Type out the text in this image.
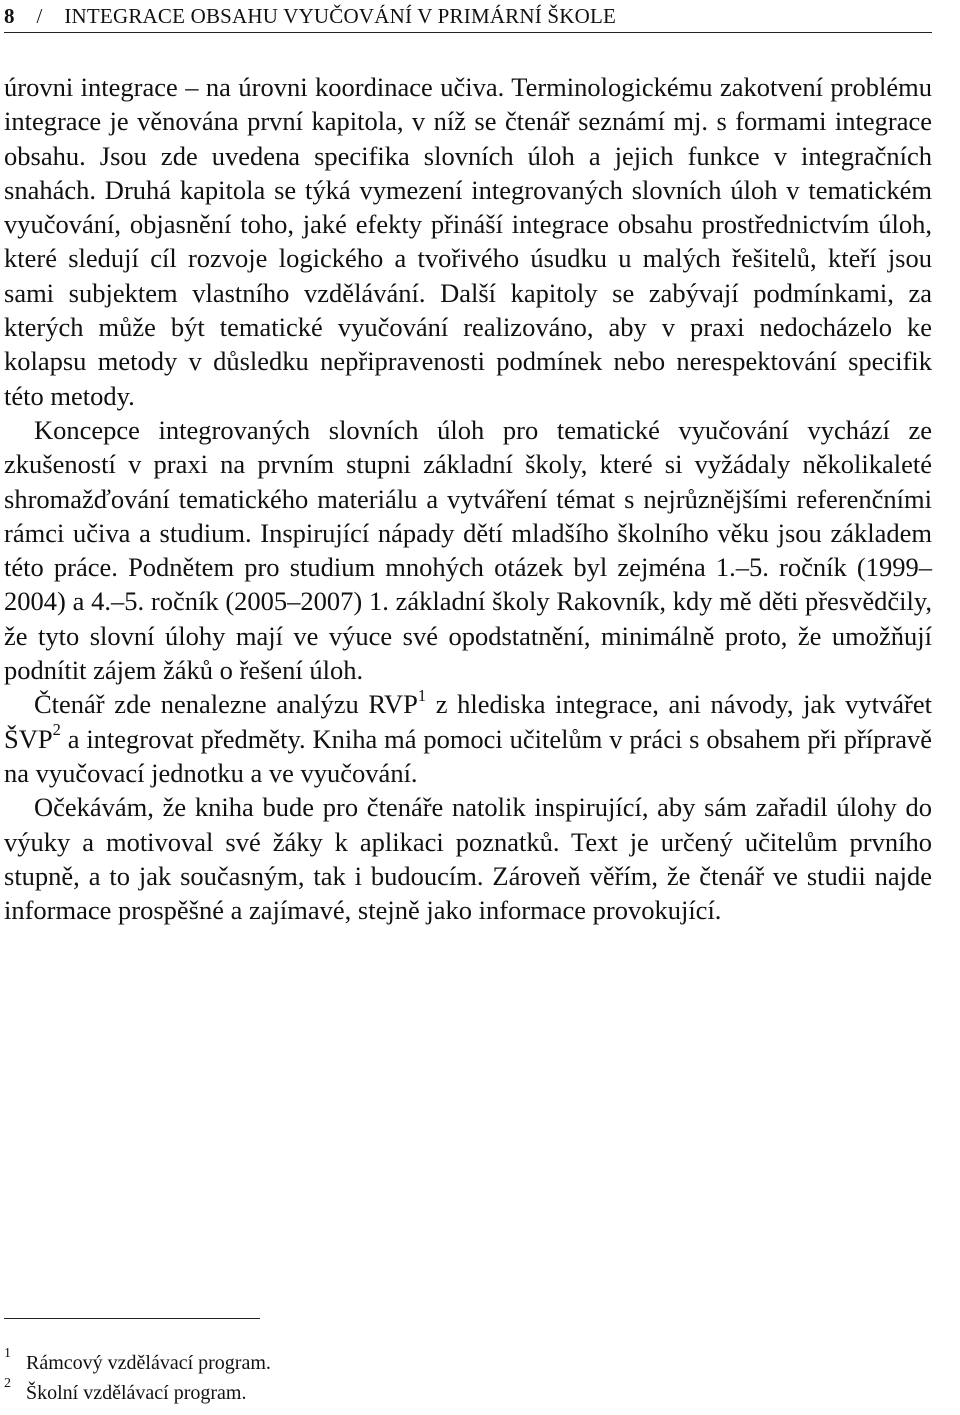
8 / INTEGRACE OBSAHU VYUČOVÁNÍ V PRIMÁRNÍ ŠKOLE

úrovni integrace – na úrovni koordinace učiva. Terminologickému zakotvení problému integrace je věnována první kapitola, v níž se čtenář seznámí mj. s formami integrace obsahu. Jsou zde uvedena specifika slovních úloh a jejich funkce v integračních snahách. Druhá kapitola se týká vymezení integrovaných slovních úloh v tematickém vyučování, objasnění toho, jaké efekty přináší integrace obsahu prostřednictvím úloh, které sledují cíl rozvoje logického a tvořivého úsudku u malých řešitelů, kteří jsou sami subjektem vlastního vzdělávání. Další kapitoly se zabývají podmínkami, za kterých může být tematické vyučování realizováno, aby v praxi nedocházelo ke kolapsu metody v důsledku nepřipravenosti podmínek nebo nerespektování specifik této metody.

Koncepce integrovaných slovních úloh pro tematické vyučování vychází ze zkušeností v praxi na prvním stupni základní školy, které si vyžádaly několikaleté shromažďování tematického materiálu a vytváření témat s nejrůznějšími referenčními rámci učiva a studium. Inspirující nápady dětí mladšího školního věku jsou základem této práce. Podnětem pro studium mnohých otázek byl zejména 1.–5. ročník (1999–2004) a 4.–5. ročník (2005–2007) 1. základní školy Rakovník, kdy mě děti přesvědčily, že tyto slovní úlohy mají ve výuce své opodstatnění, minimálně proto, že umožňují podnítit zájem žáků o řešení úloh.

Čtenář zde nenalezne analýzu RVP$^1$ z hlediska integrace, ani návody, jak vytvářet ŠVP$^2$ a integrovat předměty. Kniha má pomoci učitelům v práci s obsahem při přípravě na vyučovací jednotku a ve vyučování.

Očekávám, že kniha bude pro čtenáře natolik inspirující, aby sám zařadil úlohy do výuky a motivoval své žáky k aplikaci poznatků. Text je určený učitelům prvního stupně, a to jak současným, tak i budoucím. Zároveň věřím, že čtenář ve studii najde informace prospěšné a zajímavé, stejně jako informace provokující.

1 Rámcový vzdělávací program.
2 Školní vzdělávací program.
